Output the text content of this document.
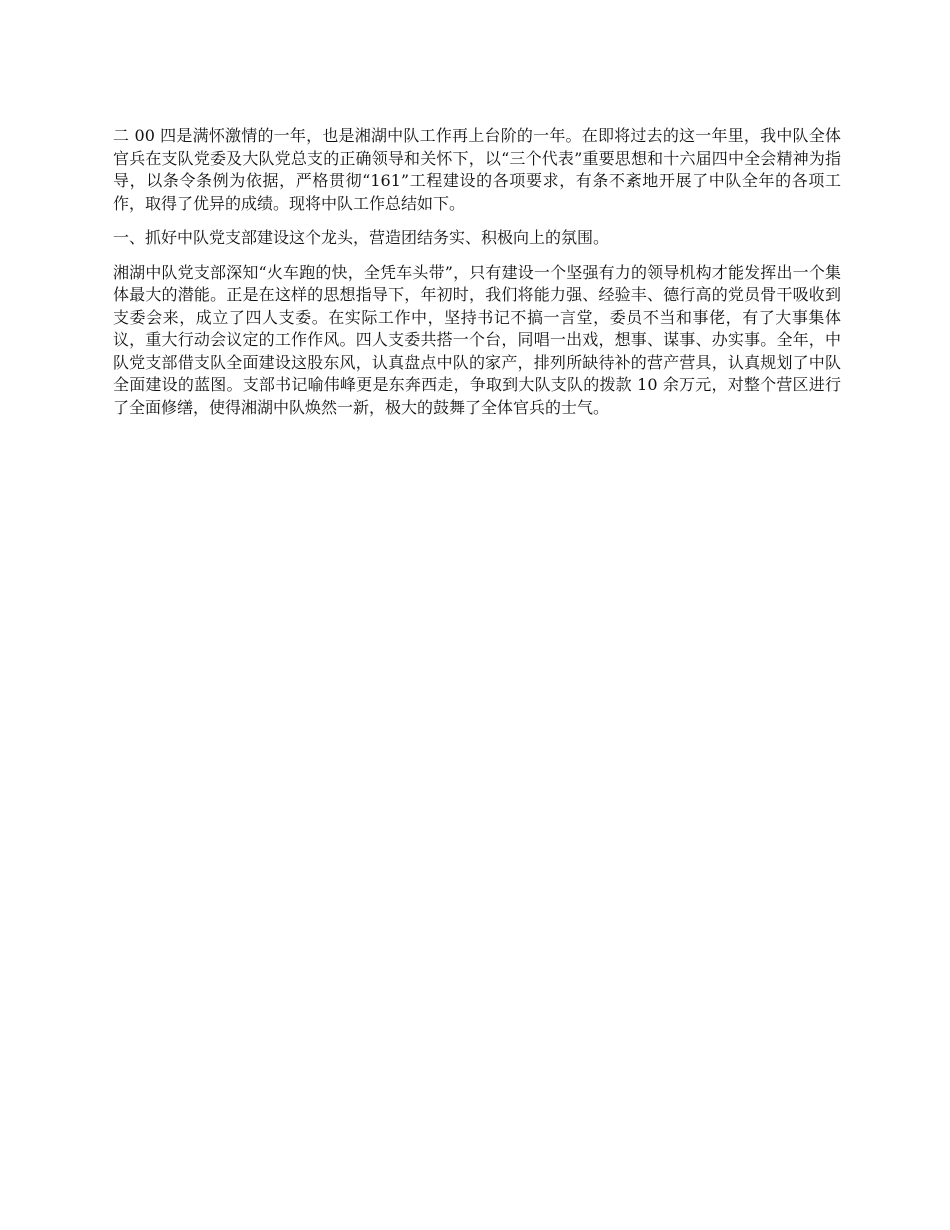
二 00 四是满怀激情的一年，也是湘湖中队工作再上台阶的一年。在即将过去的这一年里，我中队全体官兵在支队党委及大队党总支的正确领导和关怀下，以“三个代表”重要思想和十六届四中全会精神为指导，以条令条例为依据，严格贯彻“161”工程建设的各项要求，有条不紊地开展了中队全年的各项工作，取得了优异的成绩。现将中队工作总结如下。

一、抓好中队党支部建设这个龙头，营造团结务实、积极向上的氛围。

湘湖中队党支部深知“火车跑的快，全凭车头带”，只有建设一个坚强有力的领导机构才能发挥出一个集体最大的潜能。正是在这样的思想指导下，年初时，我们将能力强、经验丰、德行高的党员骨干吸收到支委会来，成立了四人支委。在实际工作中，坚持书记不搞一言堂，委员不当和事佬，有了大事集体议，重大行动会议定的工作作风。四人支委共搭一个台，同唱一出戏，想事、谋事、办实事。全年，中队党支部借支队全面建设这股东风，认真盘点中队的家产，排列所缺待补的营产营具，认真规划了中队全面建设的蓝图。支部书记喻伟峰更是东奔西走，争取到大队支队的拨款 10 余万元，对整个营区进行了全面修缮，使得湘湖中队焕然一新，极大的鼓舞了全体官兵的士气。
